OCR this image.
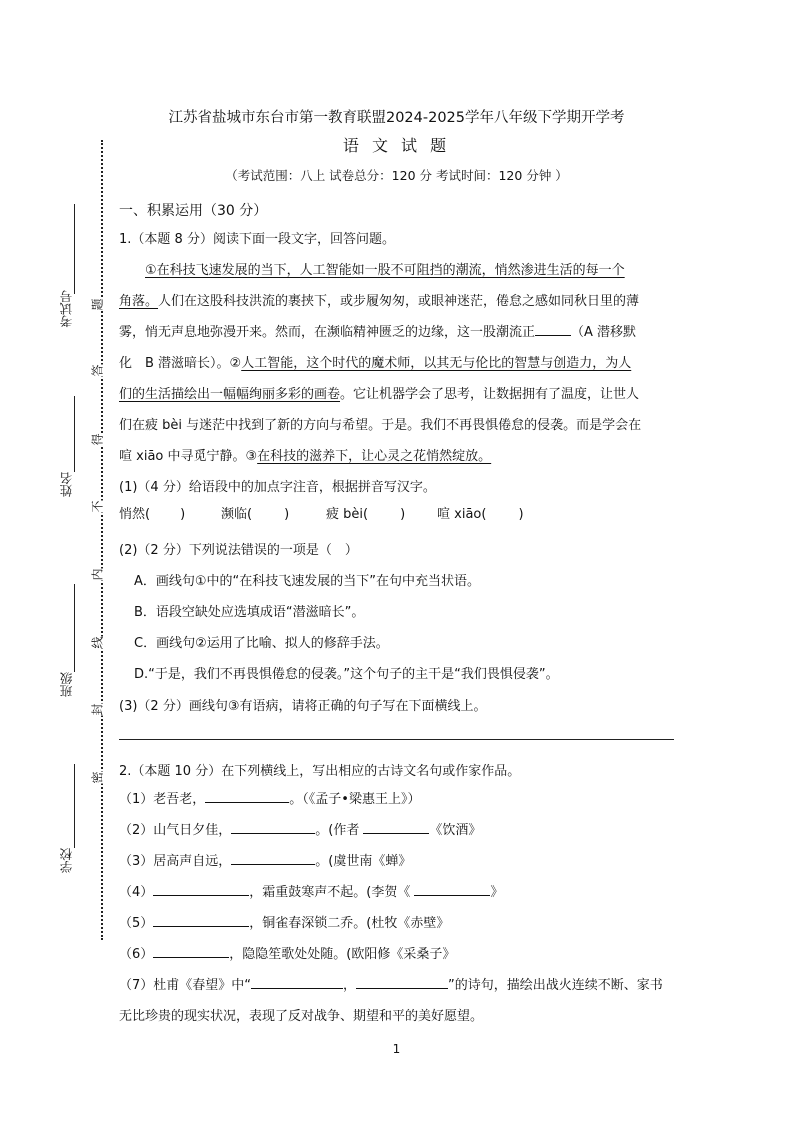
考试号
姓名
班级
学校
题
答
得
不
内
线
封
密
江苏省盐城市东台市第一教育联盟2024-2025学年八年级下学期开学考
语 文 试 题
（考试范围：八上 试卷总分：120 分 考试时间：120 分钟 ）
一、积累运用（30 分）
1.（本题 8 分）阅读下面一段文字，回答问题。
　　①在科技飞速发展的当下，人工智能如一股不可阻挡的潮流，悄然渗进生活的每一个
角落。人们在这股科技洪流的裹挟下，或步履匆匆，或眼神迷茫，倦怠之感如同秋日里的薄
雾，悄无声息地弥漫开来。然而，在濒临精神匮乏的边缘，这一股潮流正	（A 潜移默
化　B 潜滋暗长）。②人工智能，这个时代的魔术师，以其无与伦比的智慧与创造力，为人
们的生活描绘出一幅幅绚丽多彩的画卷。它让机器学会了思考，让数据拥有了温度，让世人
们在疲 bèi 与迷茫中找到了新的方向与希望。于是。我们不再畏惧倦怠的侵袭。而是学会在
喧 xiāo 中寻觅宁静。③在科技的滋养下，让心灵之花悄然绽放。
(1)（4 分）给语段中的加点字注音，根据拼音写汉字。
悄然( )	濒临( )	疲 bèi( ) 喧 xiāo( )
(2)（2 分）下列说法错误的一项是（　）
A．画线句①中的“在科技飞速发展的当下”在句中充当状语。
B．语段空缺处应选填成语“潜滋暗长”。
C．画线句②运用了比喻、拟人的修辞手法。
D.“于是，我们不再畏惧倦怠的侵袭。”这个句子的主干是“我们畏惧侵袭”。
(3)（2 分）画线句③有语病，请将正确的句子写在下面横线上。
2.（本题 10 分）在下列横线上，写出相应的古诗文名句或作家作品。
（1）老吾老，	。（《孟子•梁惠王上》）
（2）山气日夕佳，	。(作者	《饮酒》
（3）居高声自远，	。(虞世南《蝉》
（4）	，霜重鼓寒声不起。(李贺《	》
（5）	，铜雀春深锁二乔。(杜牧《赤壁》
（6）	，隐隐笙歌处处随。(欧阳修《采桑子》
（7）杜甫《春望》中“	，	”的诗句，描绘出战火连续不断、家书
无比珍贵的现实状况，表现了反对战争、期望和平的美好愿望。
1
